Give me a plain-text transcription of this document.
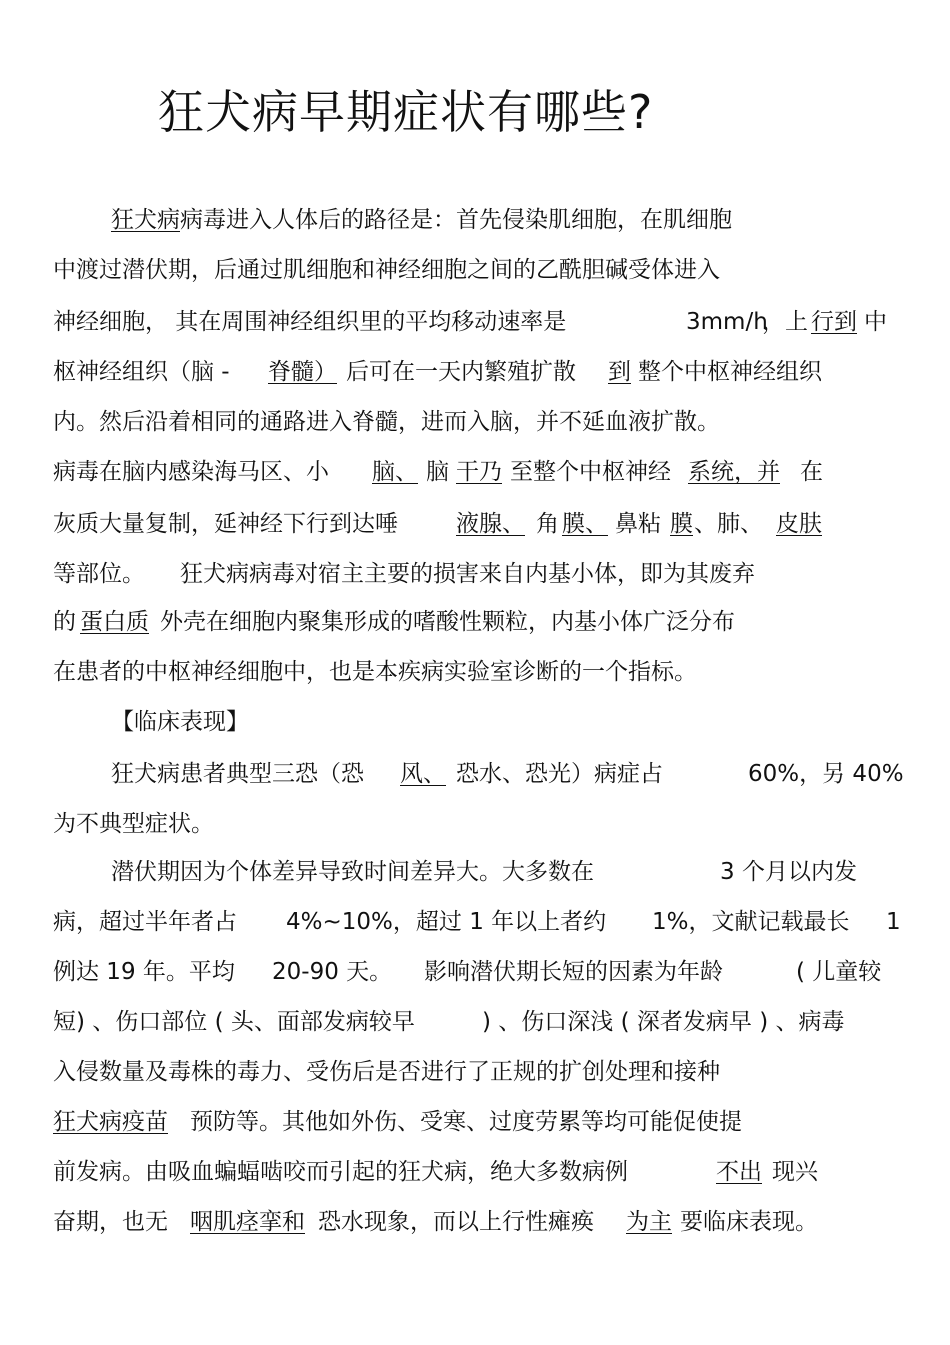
狂犬病早期症状有哪些?
狂犬病 病毒进入人体后的路径是：首先侵染肌细胞，在肌细胞
中渡过潜伏期，后通过肌细胞和神经细胞之间的乙酰胆碱受体进入
神经细胞， 其在周围神经组织里的平均移动速率是	3mm/h
，上 行到 中
枢神经组织（脑 - 脊髓） 后可在一天内繁殖扩散 到 整个中枢神经组织
内。然后沿着相同的通路进入脊髓，进而入脑，并不延血液扩散。
病毒在脑内感染海马区、小 脑、 脑 干乃 至整个中枢神经 系统，并 在
灰质大量复制，延神经下行到达唾	液腺、 角 膜、 鼻粘 膜 、肺、 皮肤
等部位。 狂犬病病毒对宿主主要的损害来自内基小体，即为其废弃
的 蛋白质 外壳在细胞内聚集形成的嗜酸性颗粒，内基小体广泛分布
在患者的中枢神经细胞中，也是本疾病实验室诊断的一个指标。
【临床表现】
狂犬病患者典型三恐（恐 风、 恐水、恐光）病症占	60%，另 40%
为不典型症状。
潜伏期因为个体差异导致时间差异大。大多数在	3 个月以内发
病，超过半年者占 4%~10%，超过 1 年以上者约 1%，文献记载最长 1
例达 19 年。平均 20-90 天。 影响潜伏期长短的因素为年龄	( 儿童较
短) 、伤口部位 ( 头、面部发病较早	) 、伤口深浅 ( 深者发病早 ) 、病毒
入侵数量及毒株的毒力、受伤后是否进行了正规的扩创处理和接种
狂犬病疫苗 预防等。其他如外伤、受寒、过度劳累等均可能促使提
前发病。由吸血蝙蝠啮咬而引起的狂犬病，绝大多数病例	不出 现兴
奋期，也无 咽肌痉挛和 恐水现象，而以上行性瘫痪 为主 要临床表现。
